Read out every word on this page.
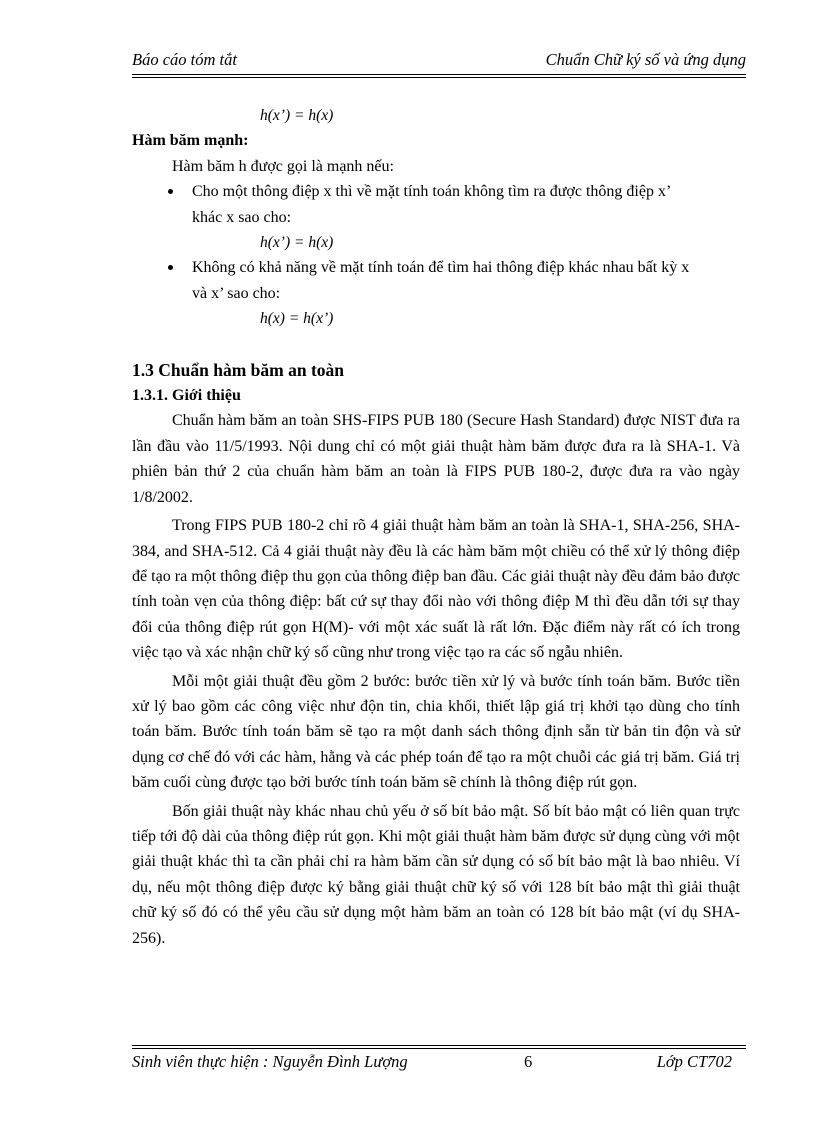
Báo cáo tóm tắt	Chuẩn Chữ ký số và ứng dụng
h(x’) = h(x)
Hàm băm mạnh:
Hàm băm h được gọi là mạnh nếu:
Cho một thông điệp x thì về mặt tính toán không tìm ra được thông điệp x’
khác x sao cho:
h(x’) = h(x)
Không có khả năng về mặt tính toán để tìm hai thông điệp khác nhau bất kỳ x
và x’ sao cho:
h(x) = h(x’)
1.3 Chuẩn hàm băm an toàn
1.3.1. Giới thiệu

Chuẩn hàm băm an toàn SHS-FIPS PUB 180 (Secure Hash Standard) được NIST đưa ra lần đầu vào 11/5/1993. Nội dung chỉ có một giải thuật hàm băm được đưa ra là SHA-1. Và phiên bản thứ 2 của chuẩn hàm băm an toàn là FIPS PUB 180-2, được đưa ra vào ngày 1/8/2002.

Trong FIPS PUB 180-2 chỉ rõ 4 giải thuật hàm băm an toàn là SHA-1, SHA-256, SHA-384, and SHA-512. Cả 4 giải thuật này đều là các hàm băm một chiều có thể xử lý thông điệp để tạo ra một thông điệp thu gọn của thông điệp ban đầu. Các giải thuật này đều đảm bảo được tính toàn vẹn của thông điệp: bất cứ sự thay đổi nào với thông điệp M thì đều dẫn tới sự thay đổi của thông điệp rút gọn H(M)- với một xác suất là rất lớn. Đặc điểm này rất có ích trong việc tạo và xác nhận chữ ký số cũng như trong việc tạo ra các số ngẫu nhiên.

Mỗi một giải thuật đều gồm 2 bước: bước tiền xử lý và bước tính toán băm. Bước tiền xử lý bao gồm các công việc như độn tin, chia khối, thiết lập giá trị khởi tạo dùng cho tính toán băm. Bước tính toán băm sẽ tạo ra một danh sách thông định sẵn từ bản tin độn và sử dụng cơ chế đó với các hàm, hằng và các phép toán để tạo ra một chuỗi các giá trị băm. Giá trị băm cuối cùng được tạo bởi bước tính toán băm sẽ chính là thông điệp rút gọn.

Bốn giải thuật này khác nhau chủ yếu ở số bít bảo mật. Số bít bảo mật có liên quan trực tiếp tới độ dài của thông điệp rút gọn. Khi một giải thuật hàm băm được sử dụng cùng với một giải thuật khác thì ta cần phải chỉ ra hàm băm cần sử dụng có số bít bảo mật là bao nhiêu. Ví dụ, nếu một thông điệp được ký bằng giải thuật chữ ký số với 128 bít bảo mật thì giải thuật chữ ký số đó có thể yêu cầu sử dụng một hàm băm an toàn có 128 bít bảo mật (ví dụ SHA-256).

Sinh viên thực hiện : Nguyễn Đình Lượng	6	Lớp CT702
